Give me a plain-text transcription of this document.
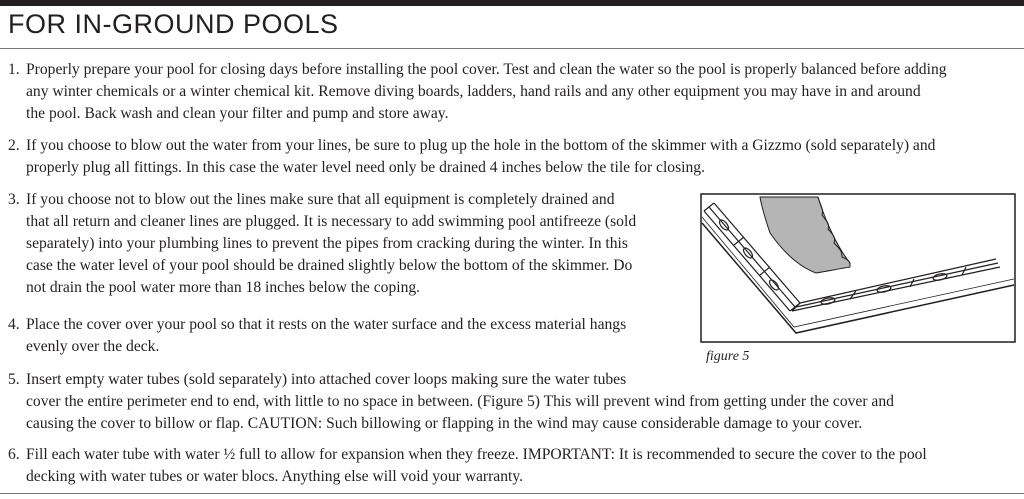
FOR IN-GROUND POOLS
1. Properly prepare your pool for closing days before installing the pool cover. Test and clean the water so the pool is properly balanced before adding
any winter chemicals or a winter chemical kit. Remove diving boards, ladders, hand rails and any other equipment you may have in and around
the pool. Back wash and clean your filter and pump and store away.
2. If you choose to blow out the water from your lines, be sure to plug up the hole in the bottom of the skimmer with a Gizzmo (sold separately) and
properly plug all fittings. In this case the water level need only be drained 4 inches below the tile for closing.
3. If you choose not to blow out the lines make sure that all equipment is completely drained and
that all return and cleaner lines are plugged. It is necessary to add swimming pool antifreeze (sold
separately) into your plumbing lines to prevent the pipes from cracking during the winter. In this
case the water level of your pool should be drained slightly below the bottom of the skimmer. Do
not drain the pool water more than 18 inches below the coping.
4. Place the cover over your pool so that it rests on the water surface and the excess material hangs
evenly over the deck.
5. Insert empty water tubes (sold separately) into attached cover loops making sure the water tubes
cover the entire perimeter end to end, with little to no space in between. (Figure 5) This will prevent wind from getting under the cover and
causing the cover to billow or flap. CAUTION: Such billowing or flapping in the wind may cause considerable damage to your cover.
6. Fill each water tube with water ½ full to allow for expansion when they freeze. IMPORTANT: It is recommended to secure the cover to the pool
decking with water tubes or water blocs. Anything else will void your warranty.
figure 5
